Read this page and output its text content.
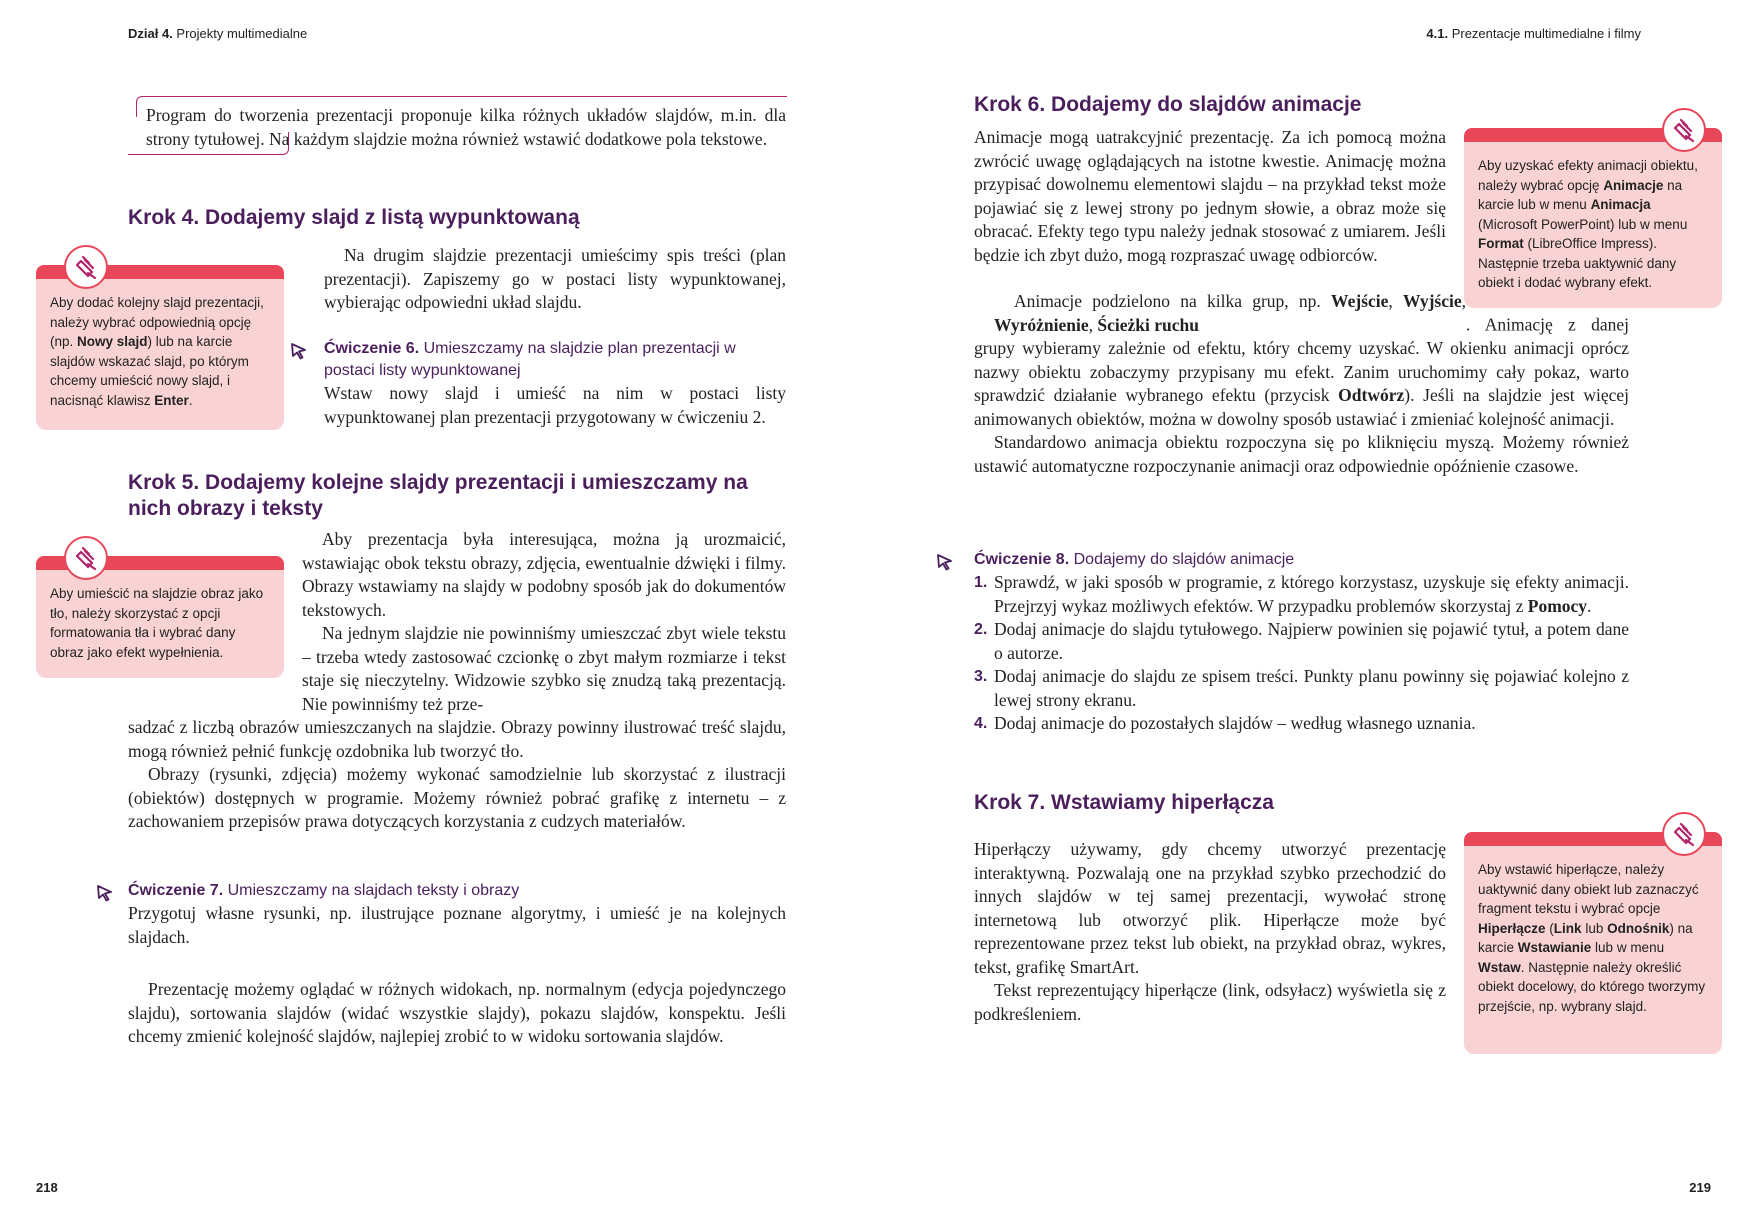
Dział 4. Projekty multimedialne

Program do tworzenia prezentacji proponuje kilka różnych układów slajdów, m.in. dla strony tytułowej. Na każdym slajdzie można również wstawić dodatkowe pola tekstowe.

Krok 4. Dodajemy slajd z listą wypunktowaną
Aby dodać kolejny slajd prezentacji, należy wybrać odpowiednią opcję (np. Nowy slajd) lub na karcie slajdów wskazać slajd, po którym chcemy umieścić nowy slajd, i nacisnąć klawisz Enter.

Na drugim slajdzie prezentacji umieścimy spis treści (plan prezentacji). Zapiszemy go w postaci listy wypunktowanej, wybierając odpowiedni układ slajdu.

Ćwiczenie 6. Umieszczamy na slajdzie plan prezentacji w postaci listy wypunktowanej

Wstaw nowy slajd i umieść na nim w postaci listy wypunktowanej plan prezentacji przygotowany w ćwiczeniu 2.

Krok 5. Dodajemy kolejne slajdy prezentacji i umieszczamy na nich obrazy i teksty
Aby umieścić na slajdzie obraz jako tło, należy skorzystać z opcji formatowania tła i wybrać dany obraz jako efekt wypełnienia.

Aby prezentacja była interesująca, można ją urozmaicić, wstawiając obok tekstu obrazy, zdjęcia, ewentualnie dźwięki i filmy. Obrazy wstawiamy na slajdy w podobny sposób jak do dokumentów tekstowych.

Na jednym slajdzie nie powinniśmy umieszczać zbyt wiele tekstu – trzeba wtedy zastosować czcionkę o zbyt małym rozmiarze i tekst staje się nieczytelny. Widzowie szybko się znudzą taką prezentacją. Nie powinniśmy też prze-

sadzać z liczbą obrazów umieszczanych na slajdzie. Obrazy powinny ilustrować treść slajdu, mogą również pełnić funkcję ozdobnika lub tworzyć tło.

Obrazy (rysunki, zdjęcia) możemy wykonać samodzielnie lub skorzystać z ilustracji (obiektów) dostępnych w programie. Możemy również pobrać grafikę z internetu – z zachowaniem przepisów prawa dotyczących korzystania z cudzych materiałów.

Ćwiczenie 7. Umieszczamy na slajdach teksty i obrazy

Przygotuj własne rysunki, np. ilustrujące poznane algorytmy, i umieść je na kolejnych slajdach.

Prezentację możemy oglądać w różnych widokach, np. normalnym (edycja pojedynczego slajdu), sortowania slajdów (widać wszystkie slajdy), pokazu slajdów, konspektu. Jeśli chcemy zmienić kolejność slajdów, najlepiej zrobić to w widoku sortowania slajdów.

218
4.1. Prezentacje multimedialne i filmy
Krok 6. Dodajemy do slajdów animacje
Aby uzyskać efekty animacji obiektu, należy wybrać opcję Animacje na karcie lub w menu Animacja (Microsoft PowerPoint) lub w menu Format (LibreOffice Impress). Następnie trzeba uaktywnić dany obiekt i dodać wybrany efekt.

Animacje mogą uatrakcyjnić prezentację. Za ich pomocą można zwrócić uwagę oglądających na istotne kwestie. Animację można przypisać dowolnemu elementowi slajdu – na przykład tekst może pojawiać się z lewej strony po jednym słowie, a obraz może się obracać. Efekty tego typu należy jednak stosować z umiarem. Jeśli będzie ich zbyt dużo, mogą rozpraszać uwagę odbiorców.

Animacje podzielono na kilka grup, np. Wejście, Wyjście, Wyróżnienie, Ścieżki ruchu	. Animację z danej grupy wybieramy zależnie od efektu, który chcemy uzyskać. W okienku animacji oprócz nazwy obiektu zobaczymy przypisany mu efekt. Zanim uruchomimy cały pokaz, warto sprawdzić działanie wybranego efektu (przycisk Odtwórz). Jeśli na slajdzie jest więcej animowanych obiektów, można w dowolny sposób ustawiać i zmieniać kolejność animacji.

Standardowo animacja obiektu rozpoczyna się po kliknięciu myszą. Możemy również ustawić automatyczne rozpoczynanie animacji oraz odpowiednie opóźnienie czasowe.

Ćwiczenie 8. Dodajemy do slajdów animacje

1. Sprawdź, w jaki sposób w programie, z którego korzystasz, uzyskuje się efekty animacji. Przejrzyj wykaz możliwych efektów. W przypadku problemów skorzystaj z Pomocy.
2. Dodaj animacje do slajdu tytułowego. Najpierw powinien się pojawić tytuł, a potem dane o autorze.
3. Dodaj animacje do slajdu ze spisem treści. Punkty planu powinny się pojawiać kolejno z lewej strony ekranu.
4. Dodaj animacje do pozostałych slajdów – według własnego uznania.
Krok 7. Wstawiamy hiperłącza
Aby wstawić hiperłącze, należy uaktywnić dany obiekt lub zaznaczyć fragment tekstu i wybrać opcje Hiperłącze (Link lub Odnośnik) na karcie Wstawianie lub w menu Wstaw. Następnie należy określić obiekt docelowy, do którego tworzymy przejście, np. wybrany slajd.

Hiperłączy używamy, gdy chcemy utworzyć prezentację interaktywną. Pozwalają one na przykład szybko przechodzić do innych slajdów w tej samej prezentacji, wywołać stronę internetową lub otworzyć plik. Hiperłącze może być reprezentowane przez tekst lub obiekt, na przykład obraz, wykres, tekst, grafikę SmartArt.

Tekst reprezentujący hiperłącze (link, odsyłacz) wyświetla się z podkreśleniem.

219
